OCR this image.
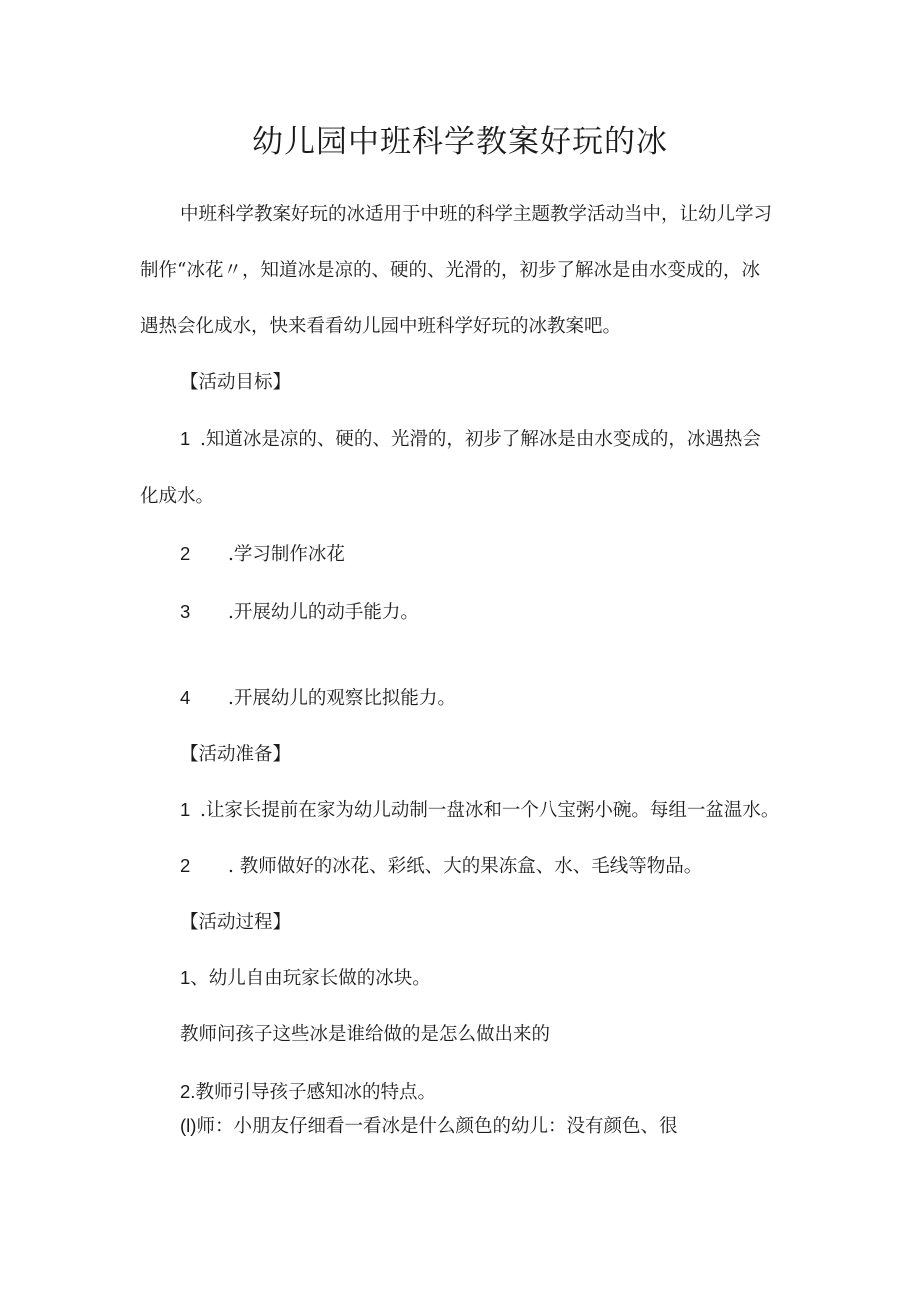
幼儿园中班科学教案好玩的冰

中班科学教案好玩的冰适用于中班的科学主题教学活动当中，让幼儿学习

制作“冰花〃，知道冰是凉的、硬的、光滑的，初步了解冰是由水变成的，冰

遇热会化成水，快来看看幼儿园中班科学好玩的冰教案吧。

【活动目标】

1 .知道冰是凉的、硬的、光滑的，初步了解冰是由水变成的，冰遇热会

化成水。

2 .学习制作冰花

3 .开展幼儿的动手能力。

4 .开展幼儿的观察比拟能力。

【活动准备】

1 .让家长提前在家为幼儿动制一盘冰和一个八宝粥小碗。每组一盆温水。

2 . 教师做好的冰花、彩纸、大的果冻盒、水、毛线等物品。

【活动过程】

1、幼儿自由玩家长做的冰块。

教师问孩子这些冰是谁给做的是怎么做出来的

2.教师引导孩子感知冰的特点。

(l)师：小朋友仔细看一看冰是什么颜色的幼儿：没有颜色、很
